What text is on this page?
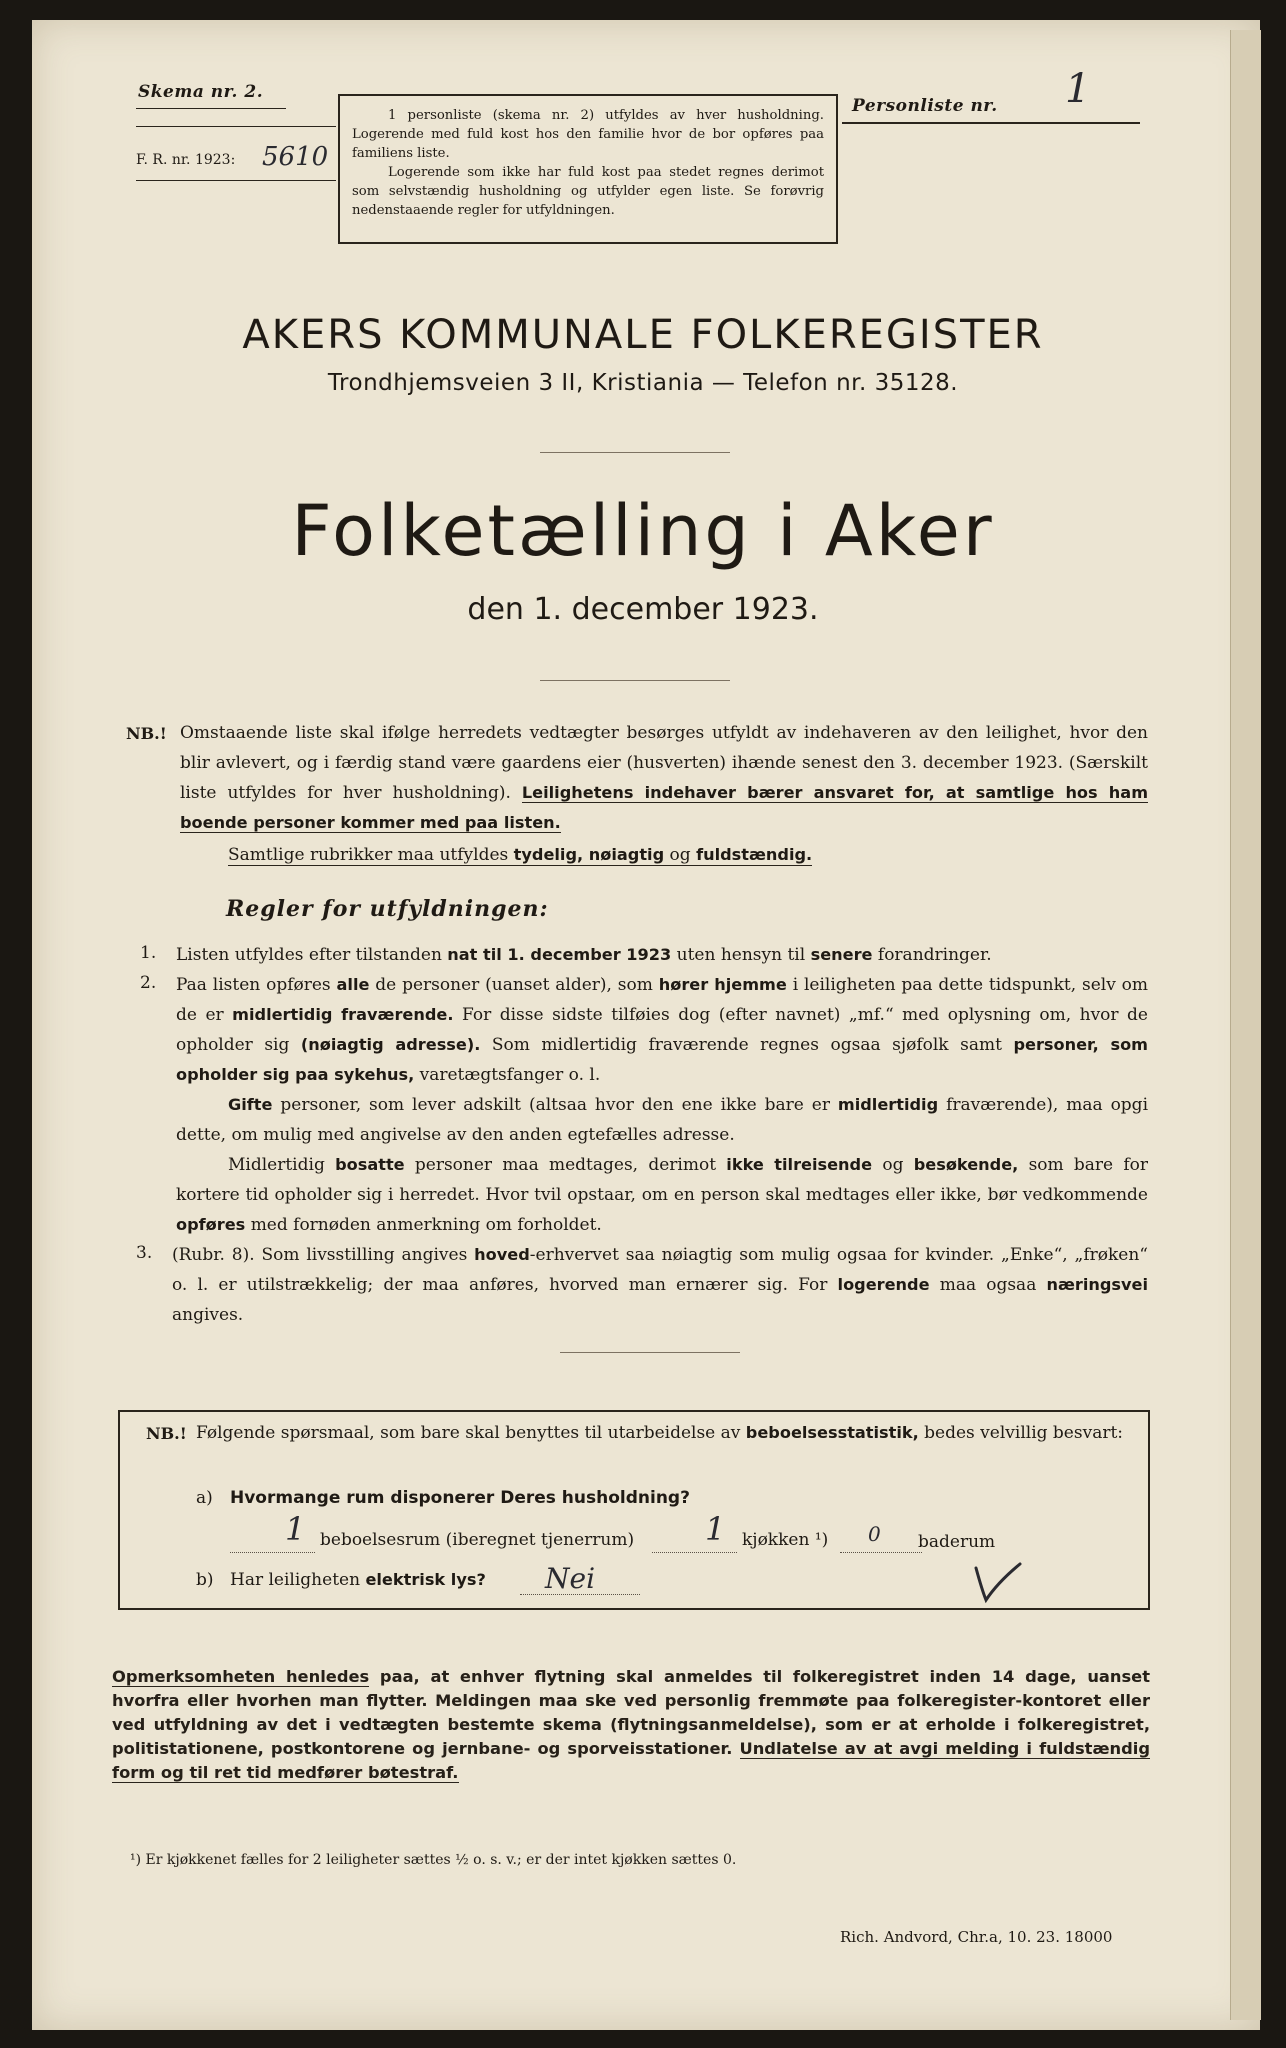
Skema nr. 2.
F. R. nr. 1923: 5610

1 personliste (skema nr. 2) utfyldes av hver husholdning. Logerende med fuld kost hos den familie hvor de bor opføres paa familiens liste.

Logerende som ikke har fuld kost paa stedet regnes derimot som selvstændig husholdning og utfylder egen liste. Se forøvrig nedenstaaende regler for utfyldningen.

Personliste nr. 1
AKERS KOMMUNALE FOLKEREGISTER
Trondhjemsveien 3 II, Kristiania — Telefon nr. 35128.
Folketælling i Aker
den 1. december 1923.
NB.! Omstaaende liste skal ifølge herredets vedtægter besørges utfyldt av indehaveren av den leilighet, hvor den blir avlevert, og i færdig stand være gaardens eier (husverten) ihænde senest den 3. december 1923. (Særskilt liste utfyldes for hver husholdning). Leilighetens indehaver bærer ansvaret for, at samtlige hos ham boende personer kommer med paa listen.
Samtlige rubrikker maa utfyldes tydelig, nøiagtig og fuldstændig.
Regler for utfyldningen:
1. Listen utfyldes efter tilstanden nat til 1. december 1923 uten hensyn til senere forandringer.
2. Paa listen opføres alle de personer (uanset alder), som hører hjemme i leiligheten paa dette tidspunkt, selv om de er midlertidig fraværende. For disse sidste tilføies dog (efter navnet) „mf.“ med oplysning om, hvor de opholder sig (nøiagtig adresse). Som midlertidig fraværende regnes ogsaa sjøfolk samt personer, som opholder sig paa sykehus, varetægtsfanger o. l.
Gifte personer, som lever adskilt (altsaa hvor den ene ikke bare er midlertidig fraværende), maa opgi dette, om mulig med angivelse av den anden egtefælles adresse.
Midlertidig bosatte personer maa medtages, derimot ikke tilreisende og besøkende, som bare for kortere tid opholder sig i herredet. Hvor tvil opstaar, om en person skal medtages eller ikke, bør vedkommende opføres med fornøden anmerkning om forholdet.
3. (Rubr. 8). Som livsstilling angives hoved-erhvervet saa nøiagtig som mulig ogsaa for kvinder. „Enke“, „frøken“ o. l. er utilstrækkelig; der maa anføres, hvorved man ernærer sig. For logerende maa ogsaa næringsvei angives.
NB.! Følgende spørsmaal, som bare skal benyttes til utarbeidelse av beboelsesstatistik, bedes velvillig besvart:
a) Hvormange rum disponerer Deres husholdning?
1 beboelsesrum (iberegnet tjenerrum) 1 kjøkken ¹) 0 baderum
b) Har leiligheten elektrisk lys? Nei
Opmerksomheten henledes paa, at enhver flytning skal anmeldes til folkeregistret inden 14 dage, uanset hvorfra eller hvorhen man flytter. Meldingen maa ske ved personlig fremmøte paa folkeregister-kontoret eller ved utfyldning av det i vedtægten bestemte skema (flytningsanmeldelse), som er at erholde i folkeregistret, politistationene, postkontorene og jernbane- og sporveisstationer. Undlatelse av at avgi melding i fuldstændig form og til ret tid medfører bøtestraf.
¹) Er kjøkkenet fælles for 2 leiligheter sættes ½ o. s. v.; er der intet kjøkken sættes 0.
Rich. Andvord, Chr.a, 10. 23. 18000
